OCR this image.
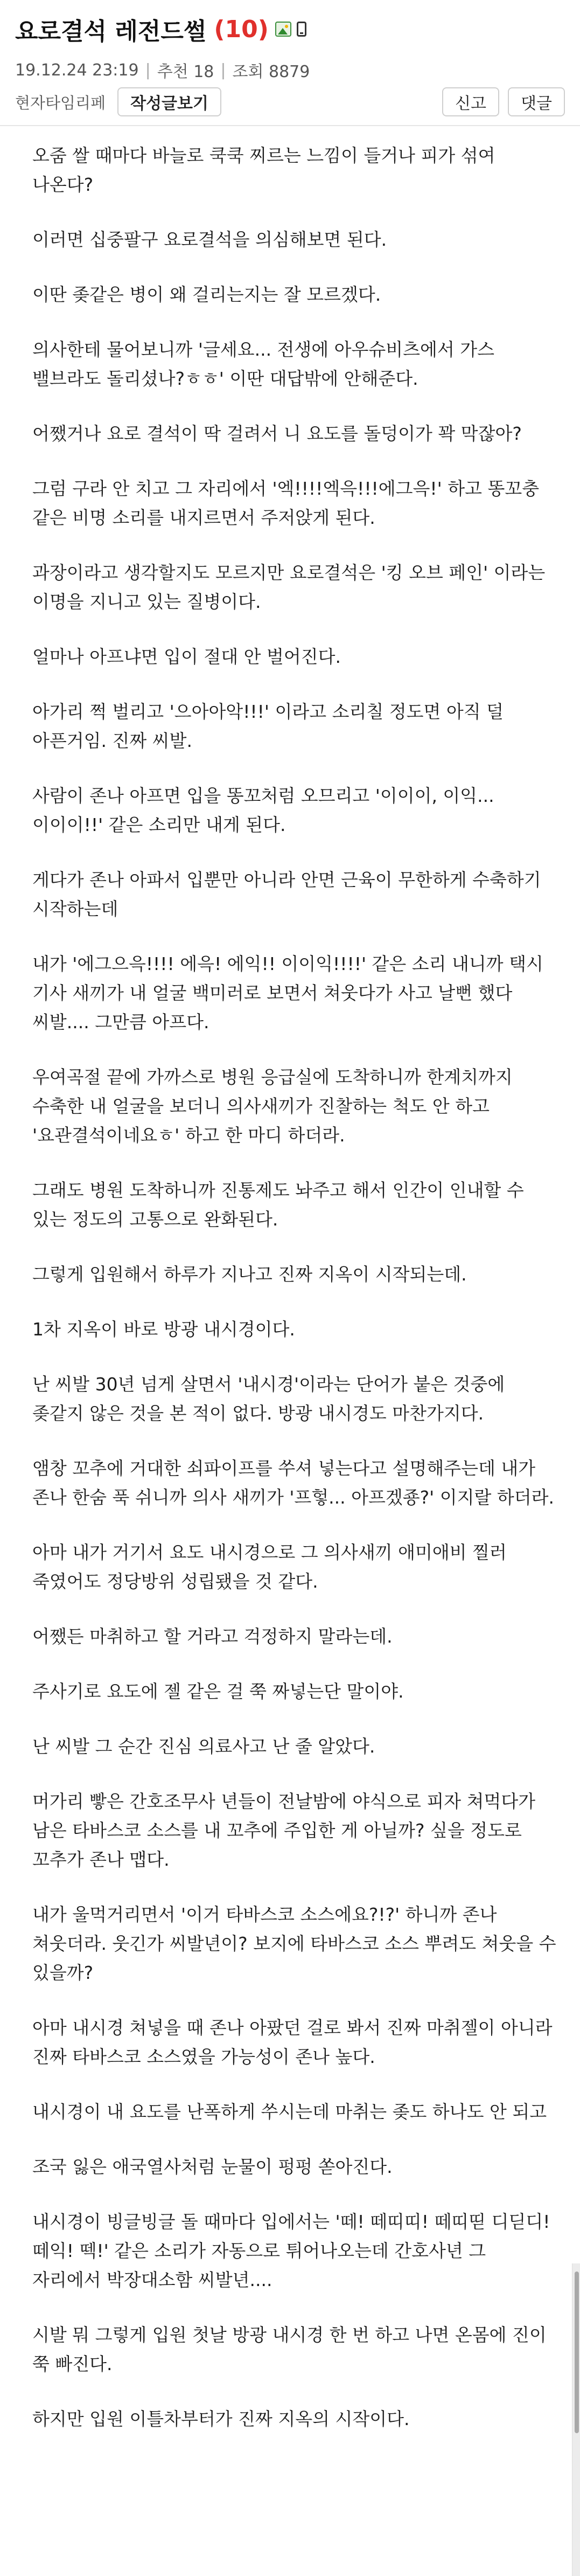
요로결석 레전드썰 (10)
19.12.24 23:19 | 추천 18 | 조회 8879
현자타임리페	작성글보기	신고	댓글

오줌 쌀 때마다 바늘로 쿡쿡 찌르는 느낌이 들거나 피가 섞여 나온다?

이러면 십중팔구 요로결석을 의심해보면 된다.

이딴 좆같은 병이 왜 걸리는지는 잘 모르겠다.

의사한테 물어보니까 '글세요... 전생에 아우슈비츠에서 가스 밸브라도 돌리셨나?ㅎㅎ' 이딴 대답밖에 안해준다.

어쨌거나 요로 결석이 딱 걸려서 니 요도를 돌덩이가 꽉 막잖아?

그럼 구라 안 치고 그 자리에서 '엑!!!!엑윽!!!에그윽!' 하고 똥꼬충 같은 비명 소리를 내지르면서 주저앉게 된다.

과장이라고 생각할지도 모르지만 요로결석은 '킹 오브 페인' 이라는 이명을 지니고 있는 질병이다.

얼마나 아프냐면 입이 절대 안 벌어진다.

아가리 쩍 벌리고 '으아아악!!!' 이라고 소리칠 정도면 아직 덜 아픈거임. 진짜 씨발.

사람이 존나 아프면 입을 똥꼬처럼 오므리고 '이이이, 이익... 이이이!!' 같은 소리만 내게 된다.

게다가 존나 아파서 입뿐만 아니라 안면 근육이 무한하게 수축하기 시작하는데

내가 '에그으윽!!!! 에윽! 에익!! 이이익!!!!' 같은 소리 내니까 택시 기사 새끼가 내 얼굴 백미러로 보면서 쳐웃다가 사고 날뻔 했다 씨발.... 그만큼 아프다.

우여곡절 끝에 가까스로 병원 응급실에 도착하니까 한계치까지 수축한 내 얼굴을 보더니 의사새끼가 진찰하는 척도 안 하고 '요관결석이네요ㅎ' 하고 한 마디 하더라.

그래도 병원 도착하니까 진통제도 놔주고 해서 인간이 인내할 수 있는 정도의 고통으로 완화된다.

그렇게 입원해서 하루가 지나고 진짜 지옥이 시작되는데.

1차 지옥이 바로 방광 내시경이다.

난 씨발 30년 넘게 살면서 '내시경'이라는 단어가 붙은 것중에 좆같지 않은 것을 본 적이 없다. 방광 내시경도 마찬가지다.

앰창 꼬추에 거대한 쇠파이프를 쑤셔 넣는다고 설명해주는데 내가 존나 한숨 푹 쉬니까 의사 새끼가 '프헣... 아프겠죵?' 이지랄 하더라.

아마 내가 거기서 요도 내시경으로 그 의사새끼 애미애비 찔러 죽였어도 정당방위 성립됐을 것 같다.

어쨌든 마취하고 할 거라고 걱정하지 말라는데.

주사기로 요도에 젤 같은 걸 쭉 짜넣는단 말이야.

난 씨발 그 순간 진심 의료사고 난 줄 알았다.

머가리 빻은 간호조무사 년들이 전날밤에 야식으로 피자 쳐먹다가 남은 타바스코 소스를 내 꼬추에 주입한 게 아닐까? 싶을 정도로 꼬추가 존나 맵다.

내가 울먹거리면서 '이거 타바스코 소스에요?!?' 하니까 존나 쳐웃더라. 웃긴가 씨발년이? 보지에 타바스코 소스 뿌려도 쳐웃을 수 있을까?

아마 내시경 쳐넣을 때 존나 아팠던 걸로 봐서 진짜 마취젤이 아니라 진짜 타바스코 소스였을 가능성이 존나 높다.

내시경이 내 요도를 난폭하게 쑤시는데 마취는 좆도 하나도 안 되고

조국 잃은 애국열사처럼 눈물이 펑펑 쏟아진다.

내시경이 빙글빙글 돌 때마다 입에서는 '떼! 떼띠띠! 떼띠띧 디딛디! 떼익! 떽!' 같은 소리가 자동으로 튀어나오는데 간호사년 그 자리에서 박장대소함 씨발년....

시발 뭐 그렇게 입원 첫날 방광 내시경 한 번 하고 나면 온몸에 진이 쭉 빠진다.

하지만 입원 이틀차부터가 진짜 지옥의 시작이다.
